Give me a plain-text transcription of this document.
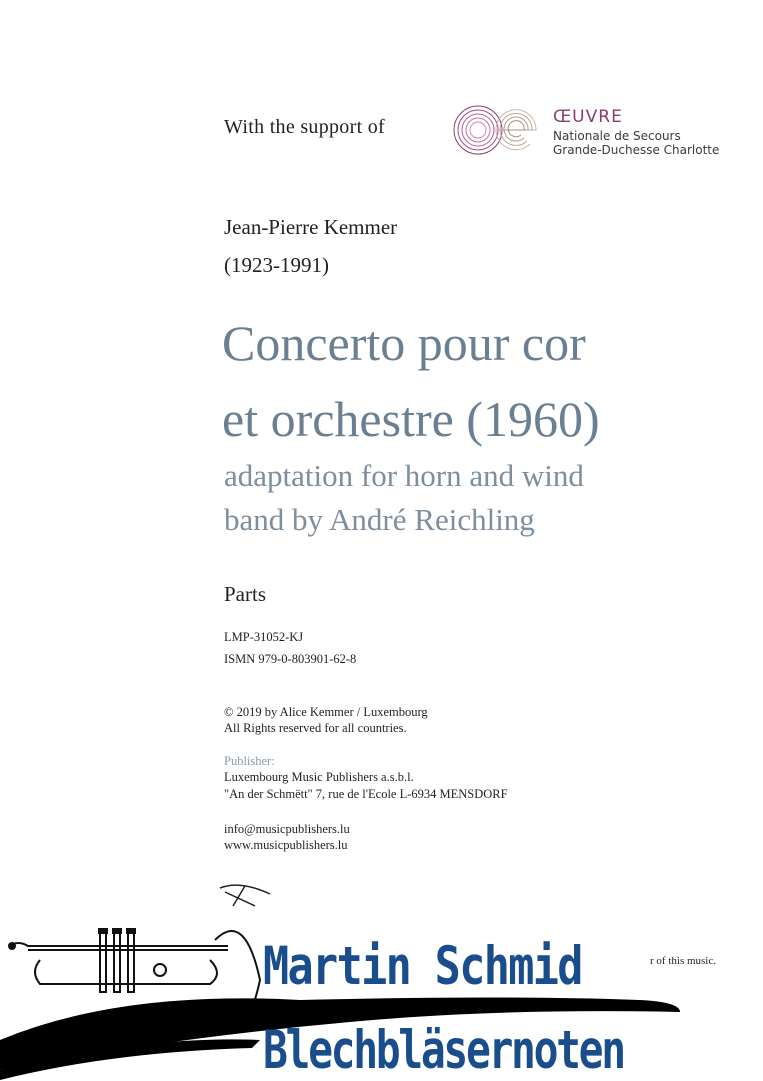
With the support of	ŒUVRE
Nationale de Secours
Grande-Duchesse Charlotte
Jean-Pierre Kemmer
(1923-1991)
Concerto pour cor
et orchestre (1960)
adaptation for horn and wind
band by André Reichling
Parts
LMP-31052-KJ
ISMN 979-0-803901-62-8
© 2019 by Alice Kemmer / Luxembourg
All Rights reserved for all countries.
Publisher:
Luxembourg Music Publishers a.s.b.l.
"An der Schmëtt" 7, rue de l'Ecole L-6934 MENSDORF
info@musicpublishers.lu
www.musicpublishers.lu
Martin Schmid	r of this music.
Blechbläsernoten
